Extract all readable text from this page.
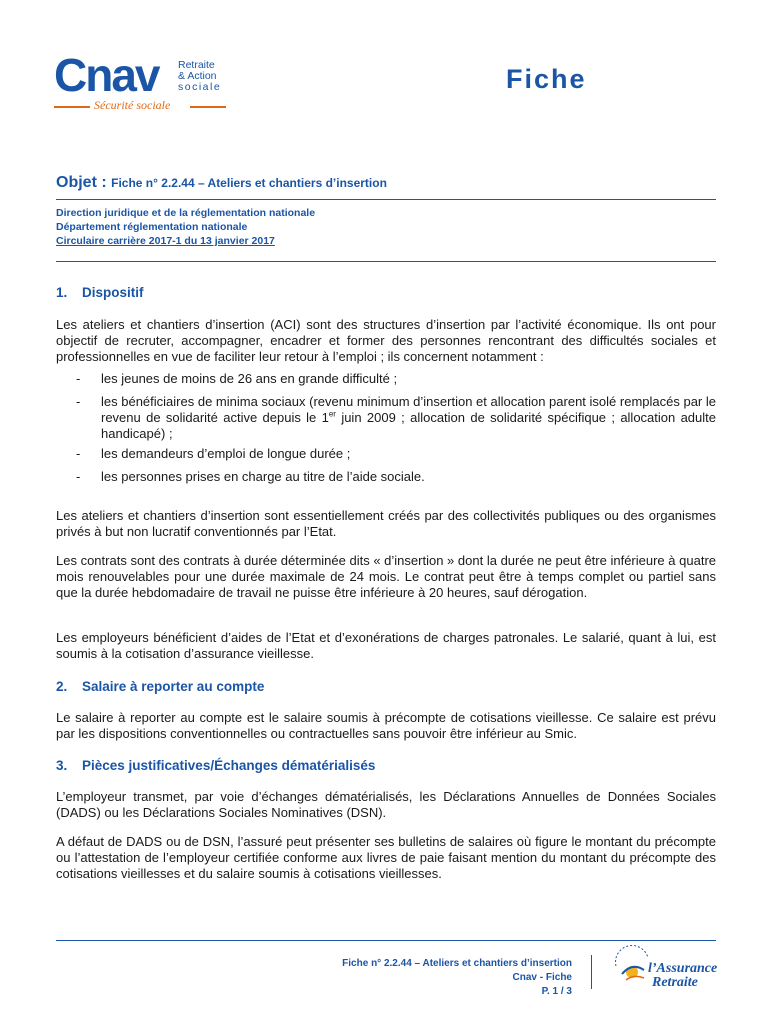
Cnav Retraite
& Action
sociale
Sécurité sociale
Fiche
Objet : Fiche n° 2.2.44 – Ateliers et chantiers d’insertion
Direction juridique et de la réglementation nationale
Département réglementation nationale
Circulaire carrière 2017-1 du 13 janvier 2017
1. Dispositif

Les ateliers et chantiers d’insertion (ACI) sont des structures d’insertion par l’activité économique. Ils ont pour objectif de recruter, accompagner, encadrer et former des personnes rencontrant des difficultés sociales et professionnelles en vue de faciliter leur retour à l’emploi ; ils concernent notamment :

- les jeunes de moins de 26 ans en grande difficulté ;
- les bénéficiaires de minima sociaux (revenu minimum d’insertion et allocation parent isolé remplacés par le revenu de solidarité active depuis le 1er juin 2009 ; allocation de solidarité spécifique ; allocation adulte handicapé) ;
- les demandeurs d’emploi de longue durée ;
- les personnes prises en charge au titre de l’aide sociale.

Les ateliers et chantiers d’insertion sont essentiellement créés par des collectivités publiques ou des organismes privés à but non lucratif conventionnés par l’Etat.

Les contrats sont des contrats à durée déterminée dits « d’insertion » dont la durée ne peut être inférieure à quatre mois renouvelables pour une durée maximale de 24 mois. Le contrat peut être à temps complet ou partiel sans que la durée hebdomadaire de travail ne puisse être inférieure à 20 heures, sauf dérogation.

Les employeurs bénéficient d’aides de l’Etat et d’exonérations de charges patronales. Le salarié, quant à lui, est soumis à la cotisation d’assurance vieillesse.

2. Salaire à reporter au compte

Le salaire à reporter au compte est le salaire soumis à précompte de cotisations vieillesse. Ce salaire est prévu par les dispositions conventionnelles ou contractuelles sans pouvoir être inférieur au Smic.

3. Pièces justificatives/Échanges dématérialisés

L’employeur transmet, par voie d’échanges dématérialisés, les Déclarations Annuelles de Données Sociales (DADS) ou les Déclarations Sociales Nominatives (DSN).

A défaut de DADS ou de DSN, l’assuré peut présenter ses bulletins de salaires où figure le montant du précompte ou l’attestation de l’employeur certifiée conforme aux livres de paie faisant mention du montant du précompte des cotisations vieillesses et du salaire soumis à cotisations vieillesses.

Fiche n° 2.2.44 – Ateliers et chantiers d’insertion
Cnav - Fiche
P. 1 / 3
l’Assurance
Retraite
